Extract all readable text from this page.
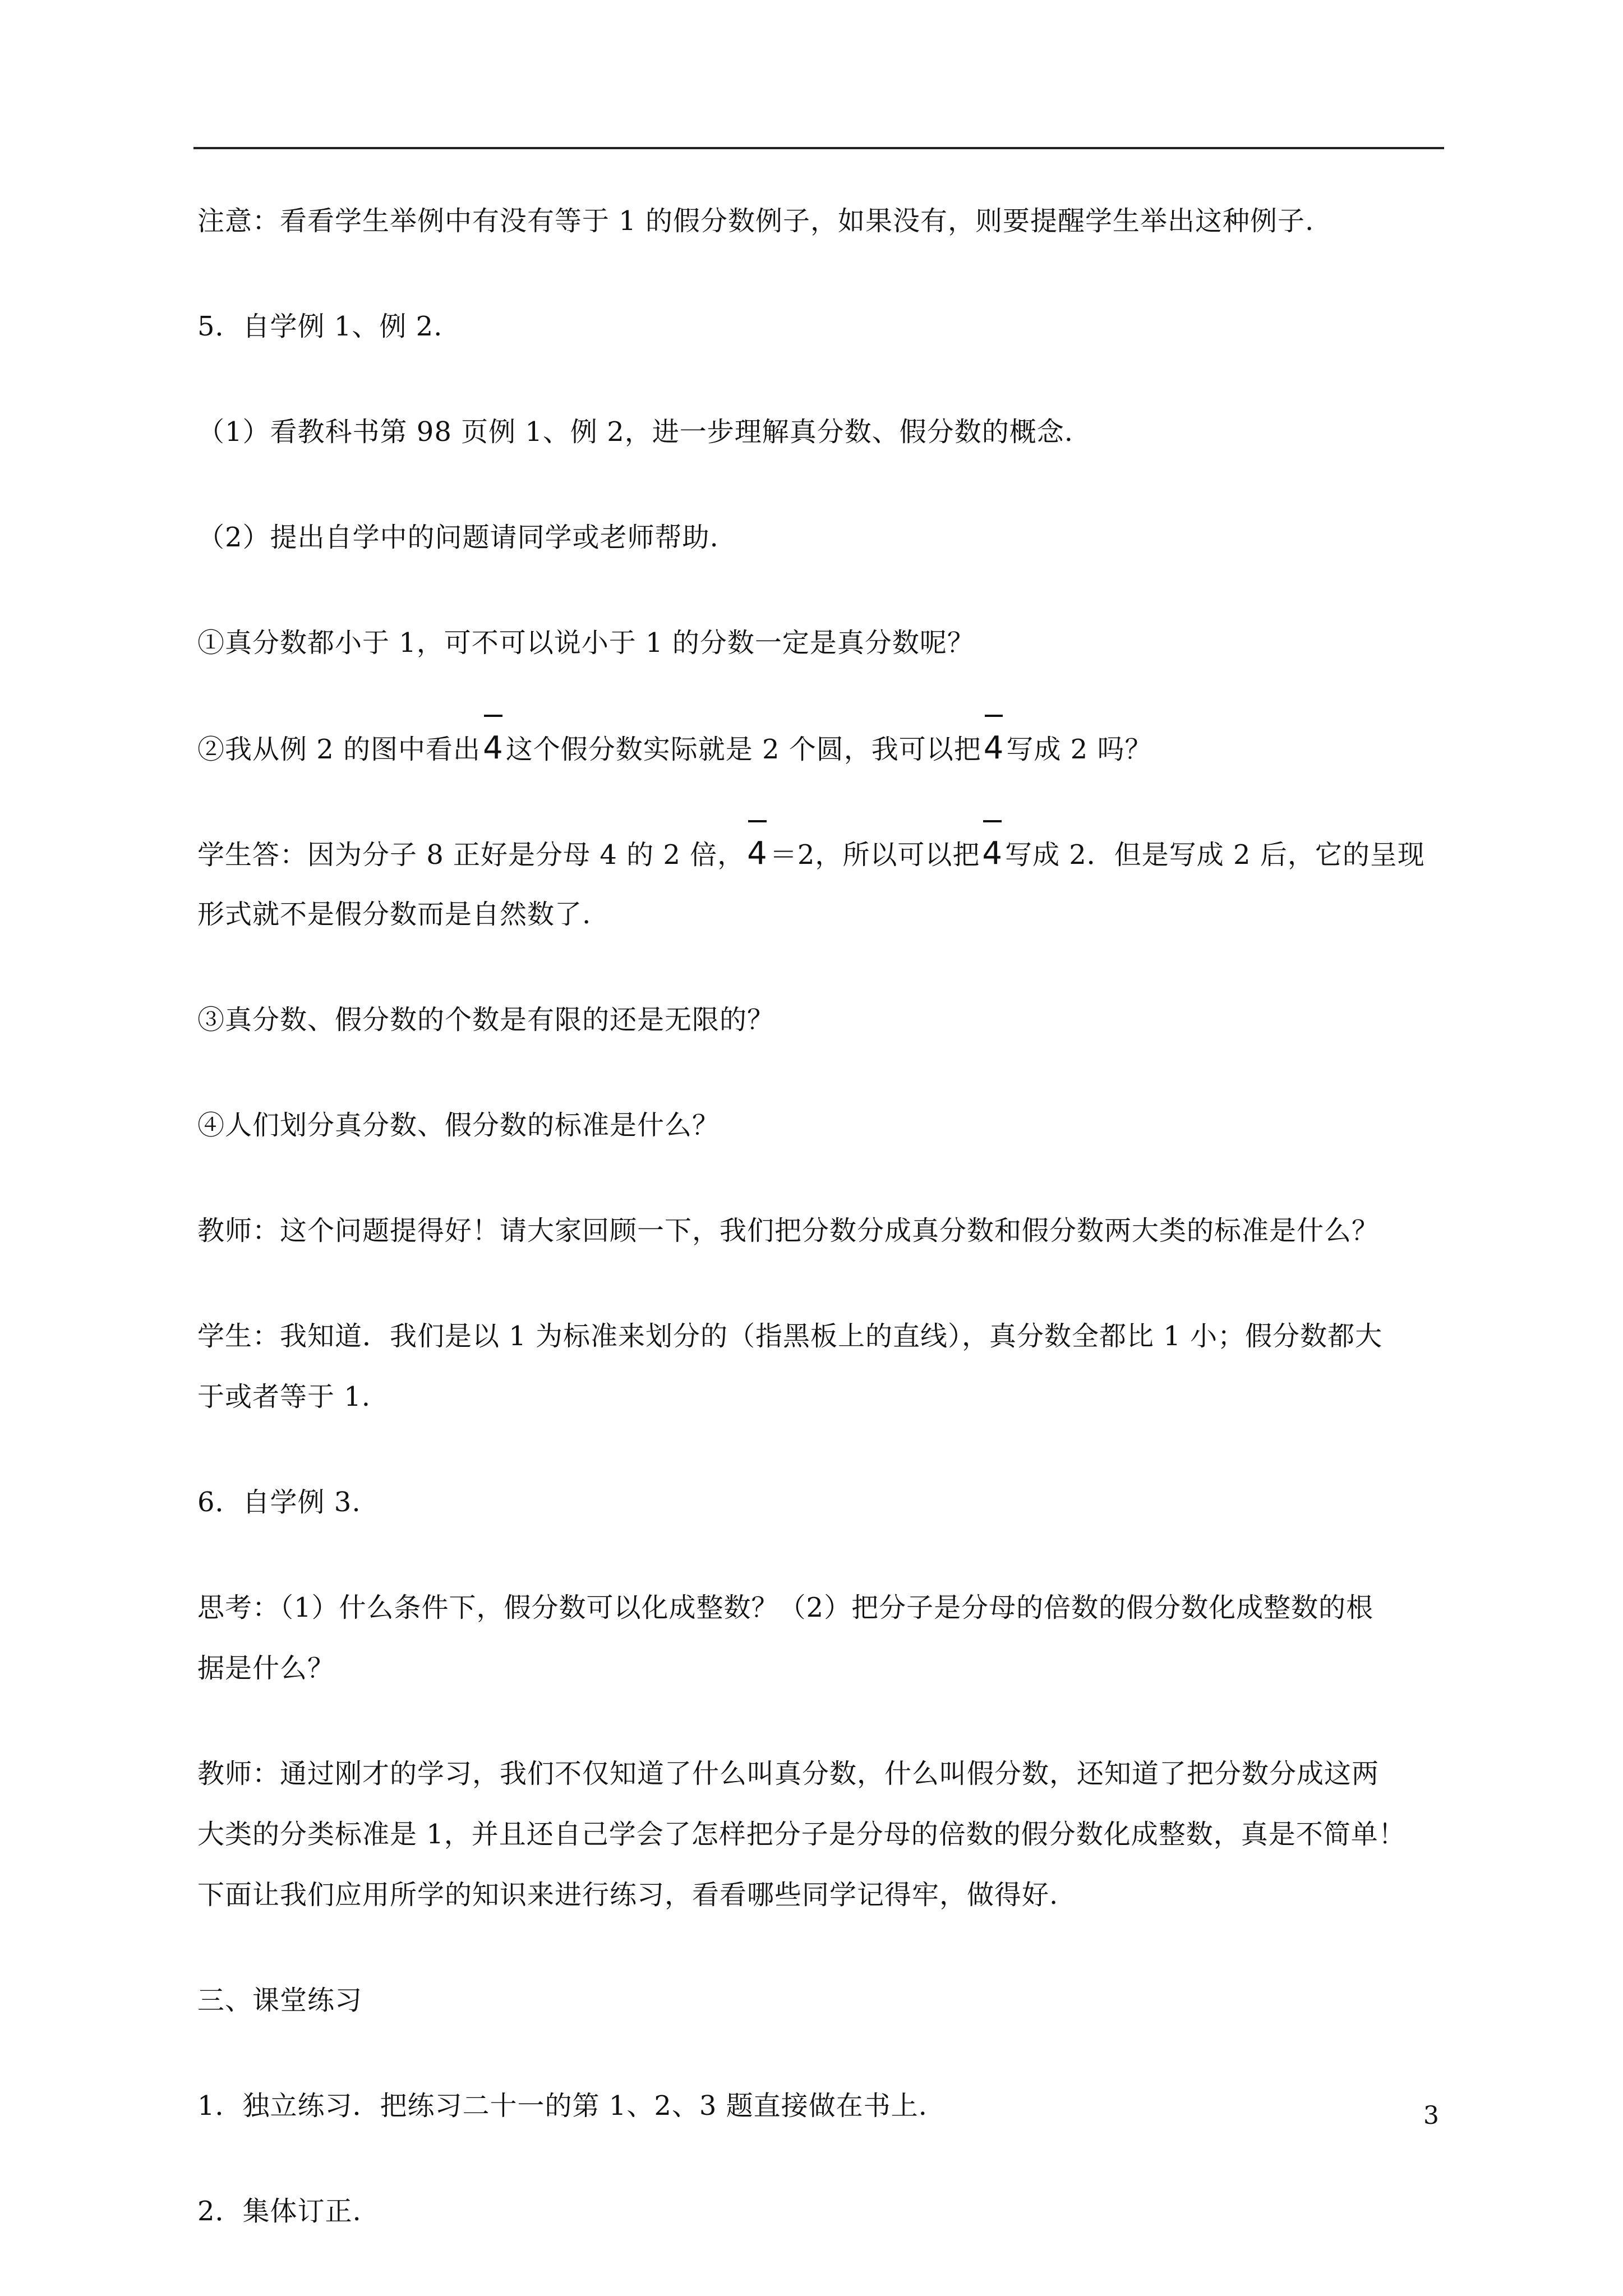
注意：看看学生举例中有没有等于 1 的假分数例子，如果没有，则要提醒学生举出这种例子.

5．自学例 1、例 2.

（1）看教科书第 98 页例 1、例 2，进一步理解真分数、假分数的概念.

（2）提出自学中的问题请同学或老师帮助.

①真分数都小于 1，可不可以说小于 1 的分数一定是真分数呢？

②我从例 2 的图中看出
4这个假分数实际就是 2 个圆，我可以把
4写成 2 吗？

学生答：因为分子 8 正好是分母 4 的 2 倍，
4＝2，所以可以把
4写成 2．但是写成 2 后，它的呈现

形式就不是假分数而是自然数了.

③真分数、假分数的个数是有限的还是无限的？

④人们划分真分数、假分数的标准是什么？

教师：这个问题提得好！请大家回顾一下，我们把分数分成真分数和假分数两大类的标准是什么？

学生：我知道．我们是以 1 为标准来划分的（指黑板上的直线），真分数全都比 1 小；假分数都大

于或者等于 1.

6．自学例 3.

思考：（1）什么条件下，假分数可以化成整数？（2）把分子是分母的倍数的假分数化成整数的根

据是什么？

教师：通过刚才的学习，我们不仅知道了什么叫真分数，什么叫假分数，还知道了把分数分成这两

大类的分类标准是 1，并且还自己学会了怎样把分子是分母的倍数的假分数化成整数，真是不简单！

下面让我们应用所学的知识来进行练习，看看哪些同学记得牢，做得好.

三、课堂练习

1．独立练习．把练习二十一的第 1、2、3 题直接做在书上.

2．集体订正.

3
